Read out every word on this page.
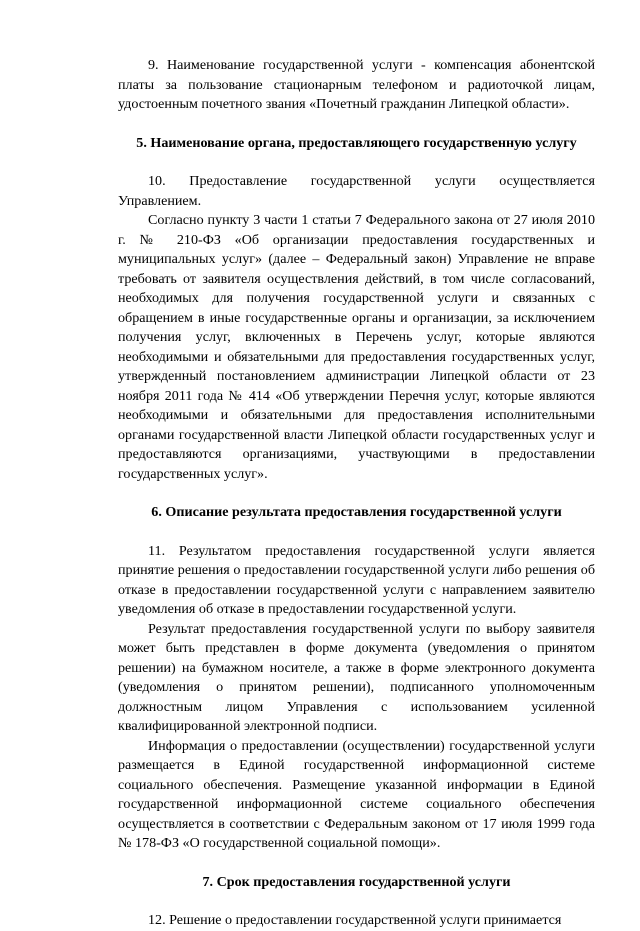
9. Наименование государственной услуги - компенсация абонентской платы за пользование стационарным телефоном и радиоточкой лицам, удостоенным почетного звания «Почетный гражданин Липецкой области».

5. Наименование органа, предоставляющего государственную услугу

10. Предоставление государственной услуги осуществляется Управлением.

Согласно пункту 3 части 1 статьи 7 Федерального закона от 27 июля 2010 г. № 210-ФЗ «Об организации предоставления государственных и муниципальных услуг» (далее – Федеральный закон) Управление не вправе требовать от заявителя осуществления действий, в том числе согласований, необходимых для получения государственной услуги и связанных с обращением в иные государственные органы и организации, за исключением получения услуг, включенных в Перечень услуг, которые являются необходимыми и обязательными для предоставления государственных услуг, утвержденный постановлением администрации Липецкой области от 23 ноября 2011 года № 414 «Об утверждении Перечня услуг, которые являются необходимыми и обязательными для предоставления исполнительными органами государственной власти Липецкой области государственных услуг и предоставляются организациями, участвующими в предоставлении государственных услуг».

6. Описание результата предоставления государственной услуги

11. Результатом предоставления государственной услуги является принятие решения о предоставлении государственной услуги либо решения об отказе в предоставлении государственной услуги с направлением заявителю уведомления об отказе в предоставлении государственной услуги.

Результат предоставления государственной услуги по выбору заявителя может быть представлен в форме документа (уведомления о принятом решении) на бумажном носителе, а также в форме электронного документа (уведомления о принятом решении), подписанного уполномоченным должностным лицом Управления с использованием усиленной квалифицированной электронной подписи.

Информация о предоставлении (осуществлении) государственной услуги размещается в Единой государственной информационной системе социального обеспечения. Размещение указанной информации в Единой государственной информационной системе социального обеспечения осуществляется в соответствии с Федеральным законом от 17 июля 1999 года № 178-ФЗ «О государственной социальной помощи».

7. Срок предоставления государственной услуги

12. Решение о предоставлении государственной услуги принимается
